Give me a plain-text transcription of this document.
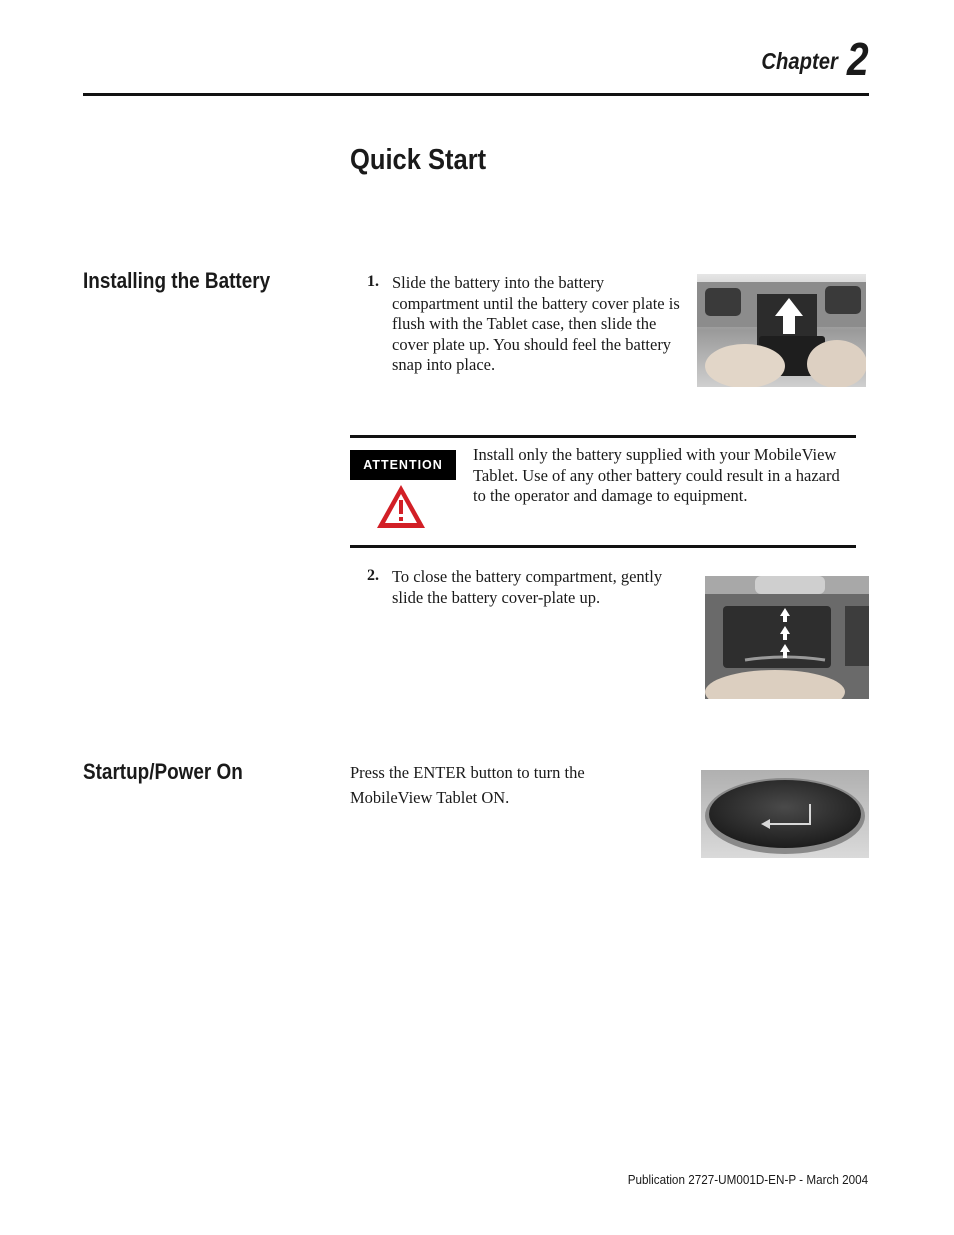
Chapter 2
Quick Start
Installing the Battery	1. Slide the battery into the battery compartment until the battery cover plate is flush with the Tablet case, then slide the cover plate up. You should feel the battery snap into place.
ATTENTION
Install only the battery supplied with your MobileView Tablet. Use of any other battery could result in a hazard to the operator and damage to equipment.
2. To close the battery compartment, gently slide the battery cover-plate up.
Startup/Power On	Press the ENTER button to turn the MobileView Tablet ON.
Publication 2727-UM001D-EN-P - March 2004
